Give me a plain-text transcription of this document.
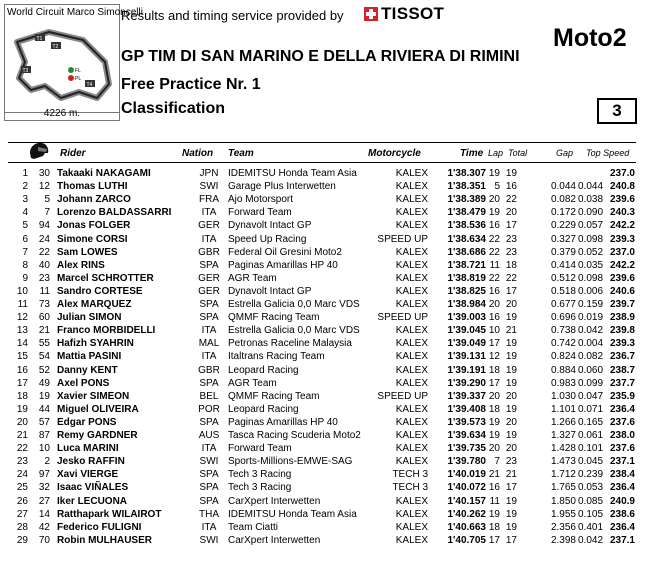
World Circuit Marco Simoncelli
T1
T2
T3
T4
FL
PL
4226 m.
Results and timing service provided by TISSOT
Moto2
GP TIM DI SAN MARINO E DELLA RIVIERA DI RIMINI
Free Practice Nr. 1
Classification	3
Rider	Nation Team	Motorcycle	Time Lap Total	Gap Top Speed
1	30 Takaaki NAKAGAMI	JPN IDEMITSU Honda Team Asia	KALEX	1'38.307 19 19	237.0
2	12 Thomas LUTHI	SWI Garage Plus Interwetten	KALEX	1'38.351 5 16	0.044 0.044 240.8
3	5 Johann ZARCO	FRA Ajo Motorsport	KALEX	1'38.389 20 22	0.082 0.038 239.6
4	7 Lorenzo BALDASSARRI	ITA	Forward Team	KALEX	1'38.479 19 20	0.172 0.090 240.3
5	94 Jonas FOLGER	GER Dynavolt Intact GP	KALEX	1'38.536 16 17	0.229 0.057 242.2
6	24 Simone CORSI	ITA	Speed Up Racing	SPEED UP	1'38.634 22 23	0.327 0.098 239.3
7	22 Sam LOWES	GBR Federal Oil Gresini Moto2	KALEX	1'38.686 22 23	0.379 0.052 237.0
8	40 Alex RINS	SPA Paginas Amarillas HP 40	KALEX	1'38.721 11 18	0.414 0.035 242.2
9	23 Marcel SCHROTTER	GER AGR Team	KALEX	1'38.819 22 22	0.512 0.098 239.6
10	11 Sandro CORTESE	GER Dynavolt Intact GP	KALEX	1'38.825 16 17	0.518 0.006 240.6
11	73 Alex MARQUEZ	SPA Estrella Galicia 0,0 Marc VDS	KALEX	1'38.984 20 20	0.677 0.159 239.7
12	60 Julian SIMON	SPA QMMF Racing Team	SPEED UP	1'39.003 16 19	0.696 0.019 238.9
13	21 Franco MORBIDELLI	ITA	Estrella Galicia 0,0 Marc VDS	KALEX	1'39.045 10 21	0.738 0.042 239.8
14	55 Hafizh SYAHRIN	MAL Petronas Raceline Malaysia	KALEX	1'39.049 17 19	0.742 0.004 239.3
15	54 Mattia PASINI	ITA	Italtrans Racing Team	KALEX	1'39.131 12 19	0.824 0.082 236.7
16	52 Danny KENT	GBR Leopard Racing	KALEX	1'39.191 18 19	0.884 0.060 238.7
17	49 Axel PONS	SPA AGR Team	KALEX	1'39.290 17 19	0.983 0.099 237.7
18	19 Xavier SIMEON	BEL QMMF Racing Team	SPEED UP	1'39.337 20 20	1.030 0.047 235.9
19	44 Miguel OLIVEIRA	POR Leopard Racing	KALEX	1'39.408 18 19	1.101 0.071 236.4
20	57 Edgar PONS	SPA Paginas Amarillas HP 40	KALEX	1'39.573 19 20	1.266 0.165 237.6
21	87 Remy GARDNER	AUS Tasca Racing Scuderia Moto2	KALEX	1'39.634 19 19	1.327 0.061 238.0
22	10 Luca MARINI	ITA	Forward Team	KALEX	1'39.735 20 20	1.428 0.101 237.6
23	2 Jesko RAFFIN	SWI Sports-Millions-EMWE-SAG	KALEX	1'39.780 7 23	1.473 0.045 237.1
24	97 Xavi VIERGE	SPA Tech 3 Racing	TECH 3	1'40.019 21 21	1.712 0.239 238.4
25	32 Isaac VIÑALES	SPA Tech 3 Racing	TECH 3	1'40.072 16 17	1.765 0.053 236.4
26	27 Iker LECUONA	SPA CarXpert Interwetten	KALEX	1'40.157 11 19	1.850 0.085 240.9
27	14 Ratthapark WILAIROT	THA IDEMITSU Honda Team Asia	KALEX	1'40.262 19 19	1.955 0.105 238.6
28	42 Federico FULIGNI	ITA	Team Ciatti	KALEX	1'40.663 18 19	2.356 0.401 236.4
29	70 Robin MULHAUSER	SWI CarXpert Interwetten	KALEX	1'40.705 17 17	2.398 0.042 237.1
